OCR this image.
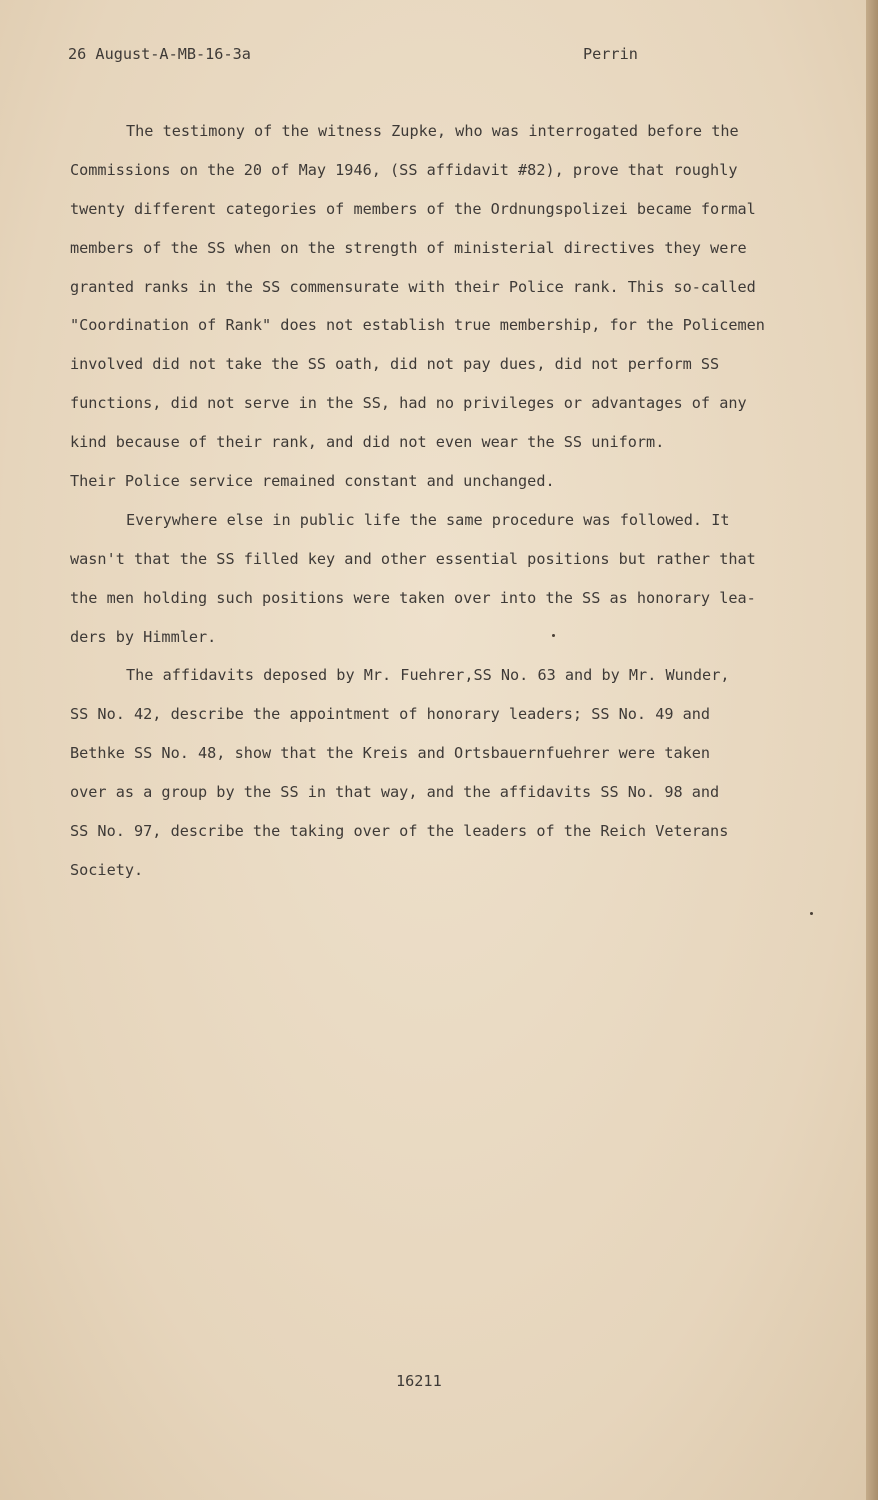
26 August-A-MB-16-3a	Perrin
The testimony of the witness Zupke, who was interrogated before the
Commissions on the 20 of May 1946, (SS affidavit #82), prove that roughly
twenty different categories of members of the Ordnungspolizei became formal
members of the SS when on the strength of ministerial directives they were
granted ranks in the SS commensurate with their Police rank. This so-called
"Coordination of Rank" does not establish true membership, for the Policemen
involved did not take the SS oath, did not pay dues, did not perform SS
functions, did not serve in the SS, had no privileges or advantages of any
kind because of their rank, and did not even wear the SS uniform.
Their Police service remained constant and unchanged.
Everywhere else in public life the same procedure was followed. It
wasn't that the SS filled key and other essential positions but rather that
the men holding such positions were taken over into the SS as honorary lea-
ders by Himmler.
The affidavits deposed by Mr. Fuehrer,SS No. 63 and by Mr. Wunder,
SS No. 42, describe the appointment of honorary leaders; SS No. 49 and
Bethke SS No. 48, show that the Kreis and Ortsbauernfuehrer were taken
over as a group by the SS in that way, and the affidavits SS No. 98 and
SS No. 97, describe the taking over of the leaders of the Reich Veterans
Society.
16211
